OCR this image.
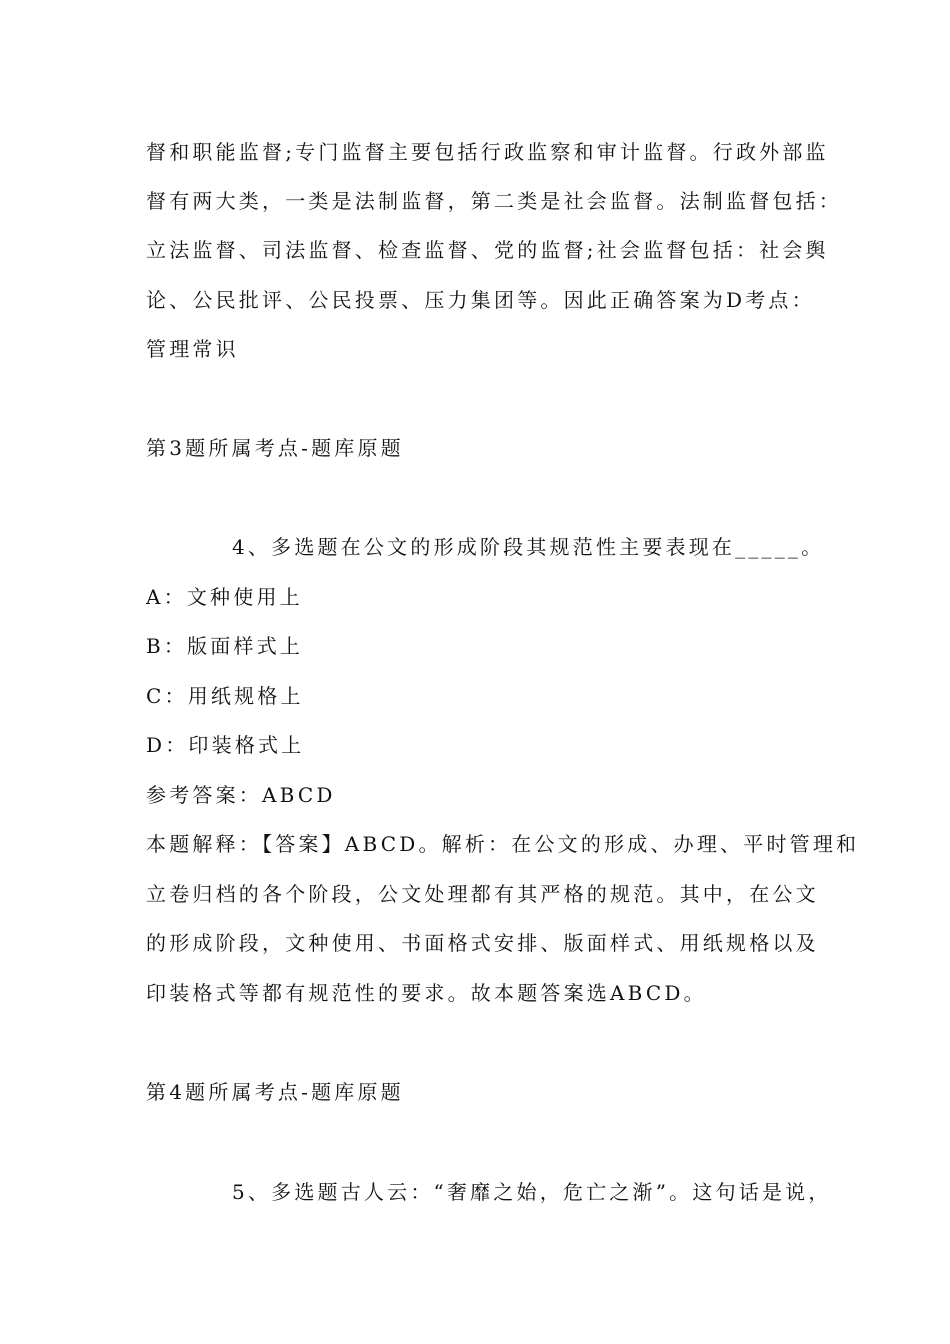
督和职能监督;专门监督主要包括行政监察和审计监督。行政外部监
督有两大类，一类是法制监督，第二类是社会监督。法制监督包括：
立法监督、司法监督、检查监督、党的监督;社会监督包括：社会舆
论、公民批评、公民投票、压力集团等。因此正确答案为D考点：
管理常识
第3题所属考点-题库原题
4、多选题在公文的形成阶段其规范性主要表现在_____。
A：文种使用上
B：版面样式上
C：用纸规格上
D：印装格式上
参考答案：ABCD
本题解释：【答案】ABCD。解析：在公文的形成、办理、平时管理和
立卷归档的各个阶段，公文处理都有其严格的规范。其中，在公文
的形成阶段，文种使用、书面格式安排、版面样式、用纸规格以及
印装格式等都有规范性的要求。故本题答案选ABCD。
第4题所属考点-题库原题
5、多选题古人云：“奢靡之始，危亡之渐”。这句话是说，
